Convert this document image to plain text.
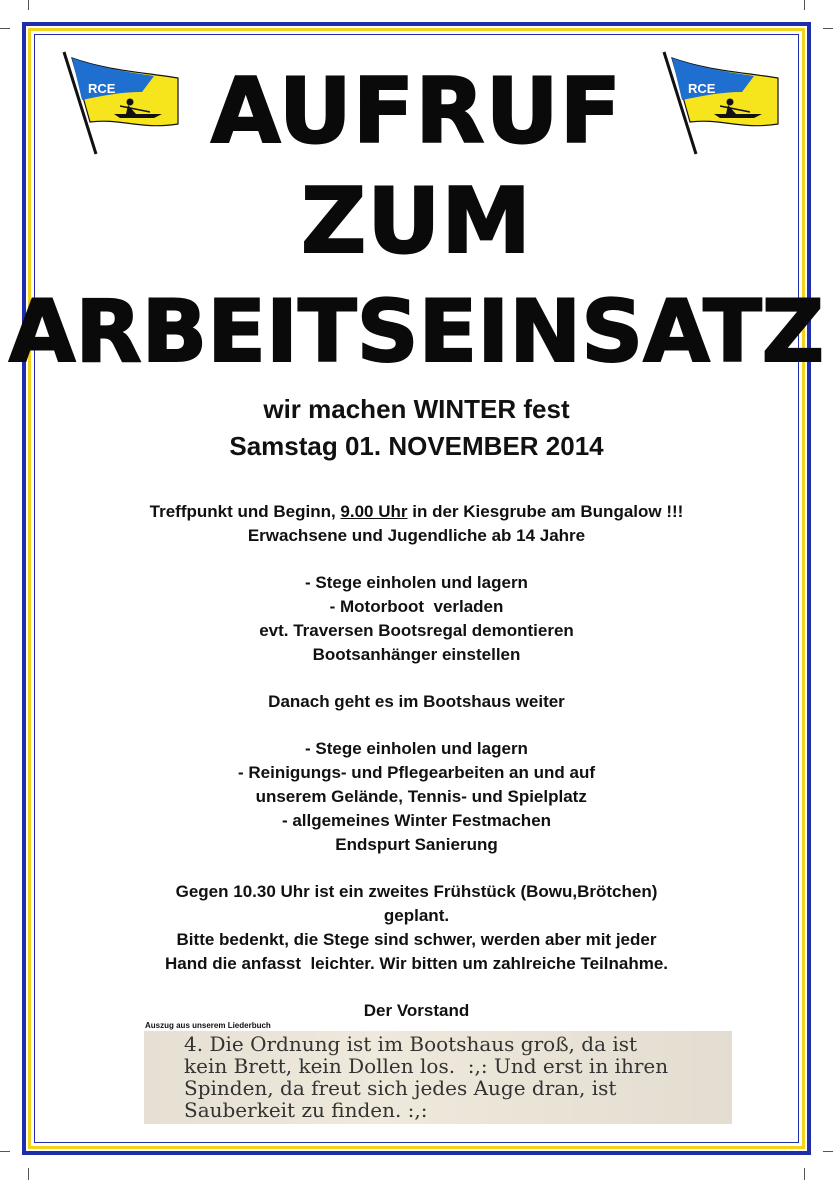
RCE	RCE
AUFRUF
ZUM
ARBEITSEINSATZ
wir machen WINTER fest
Samstag 01. NOVEMBER 2014
Treffpunkt und Beginn, 9.00 Uhr in der Kiesgrube am Bungalow !!!
Erwachsene und Jugendliche ab 14 Jahre
- Stege einholen und lagern
- Motorboot  verladen
evt. Traversen Bootsregal demontieren
Bootsanhänger einstellen
Danach geht es im Bootshaus weiter
- Stege einholen und lagern
- Reinigungs- und Pflegearbeiten an und auf
unserem Gelände, Tennis- und Spielplatz
- allgemeines Winter Festmachen
Endspurt Sanierung
Gegen 10.30 Uhr ist ein zweites Frühstück (Bowu,Brötchen)
geplant.
Bitte bedenkt, die Stege sind schwer, werden aber mit jeder
Hand die anfasst  leichter. Wir bitten um zahlreiche Teilnahme.
Der Vorstand
Auszug aus unserem Liederbuch
4. Die Ordnung ist im Bootshaus groß, da ist
kein Brett, kein Dollen los.  :,: Und erst in ihren
Spinden, da freut sich jedes Auge dran, ist
Sauberkeit zu finden. :,:
